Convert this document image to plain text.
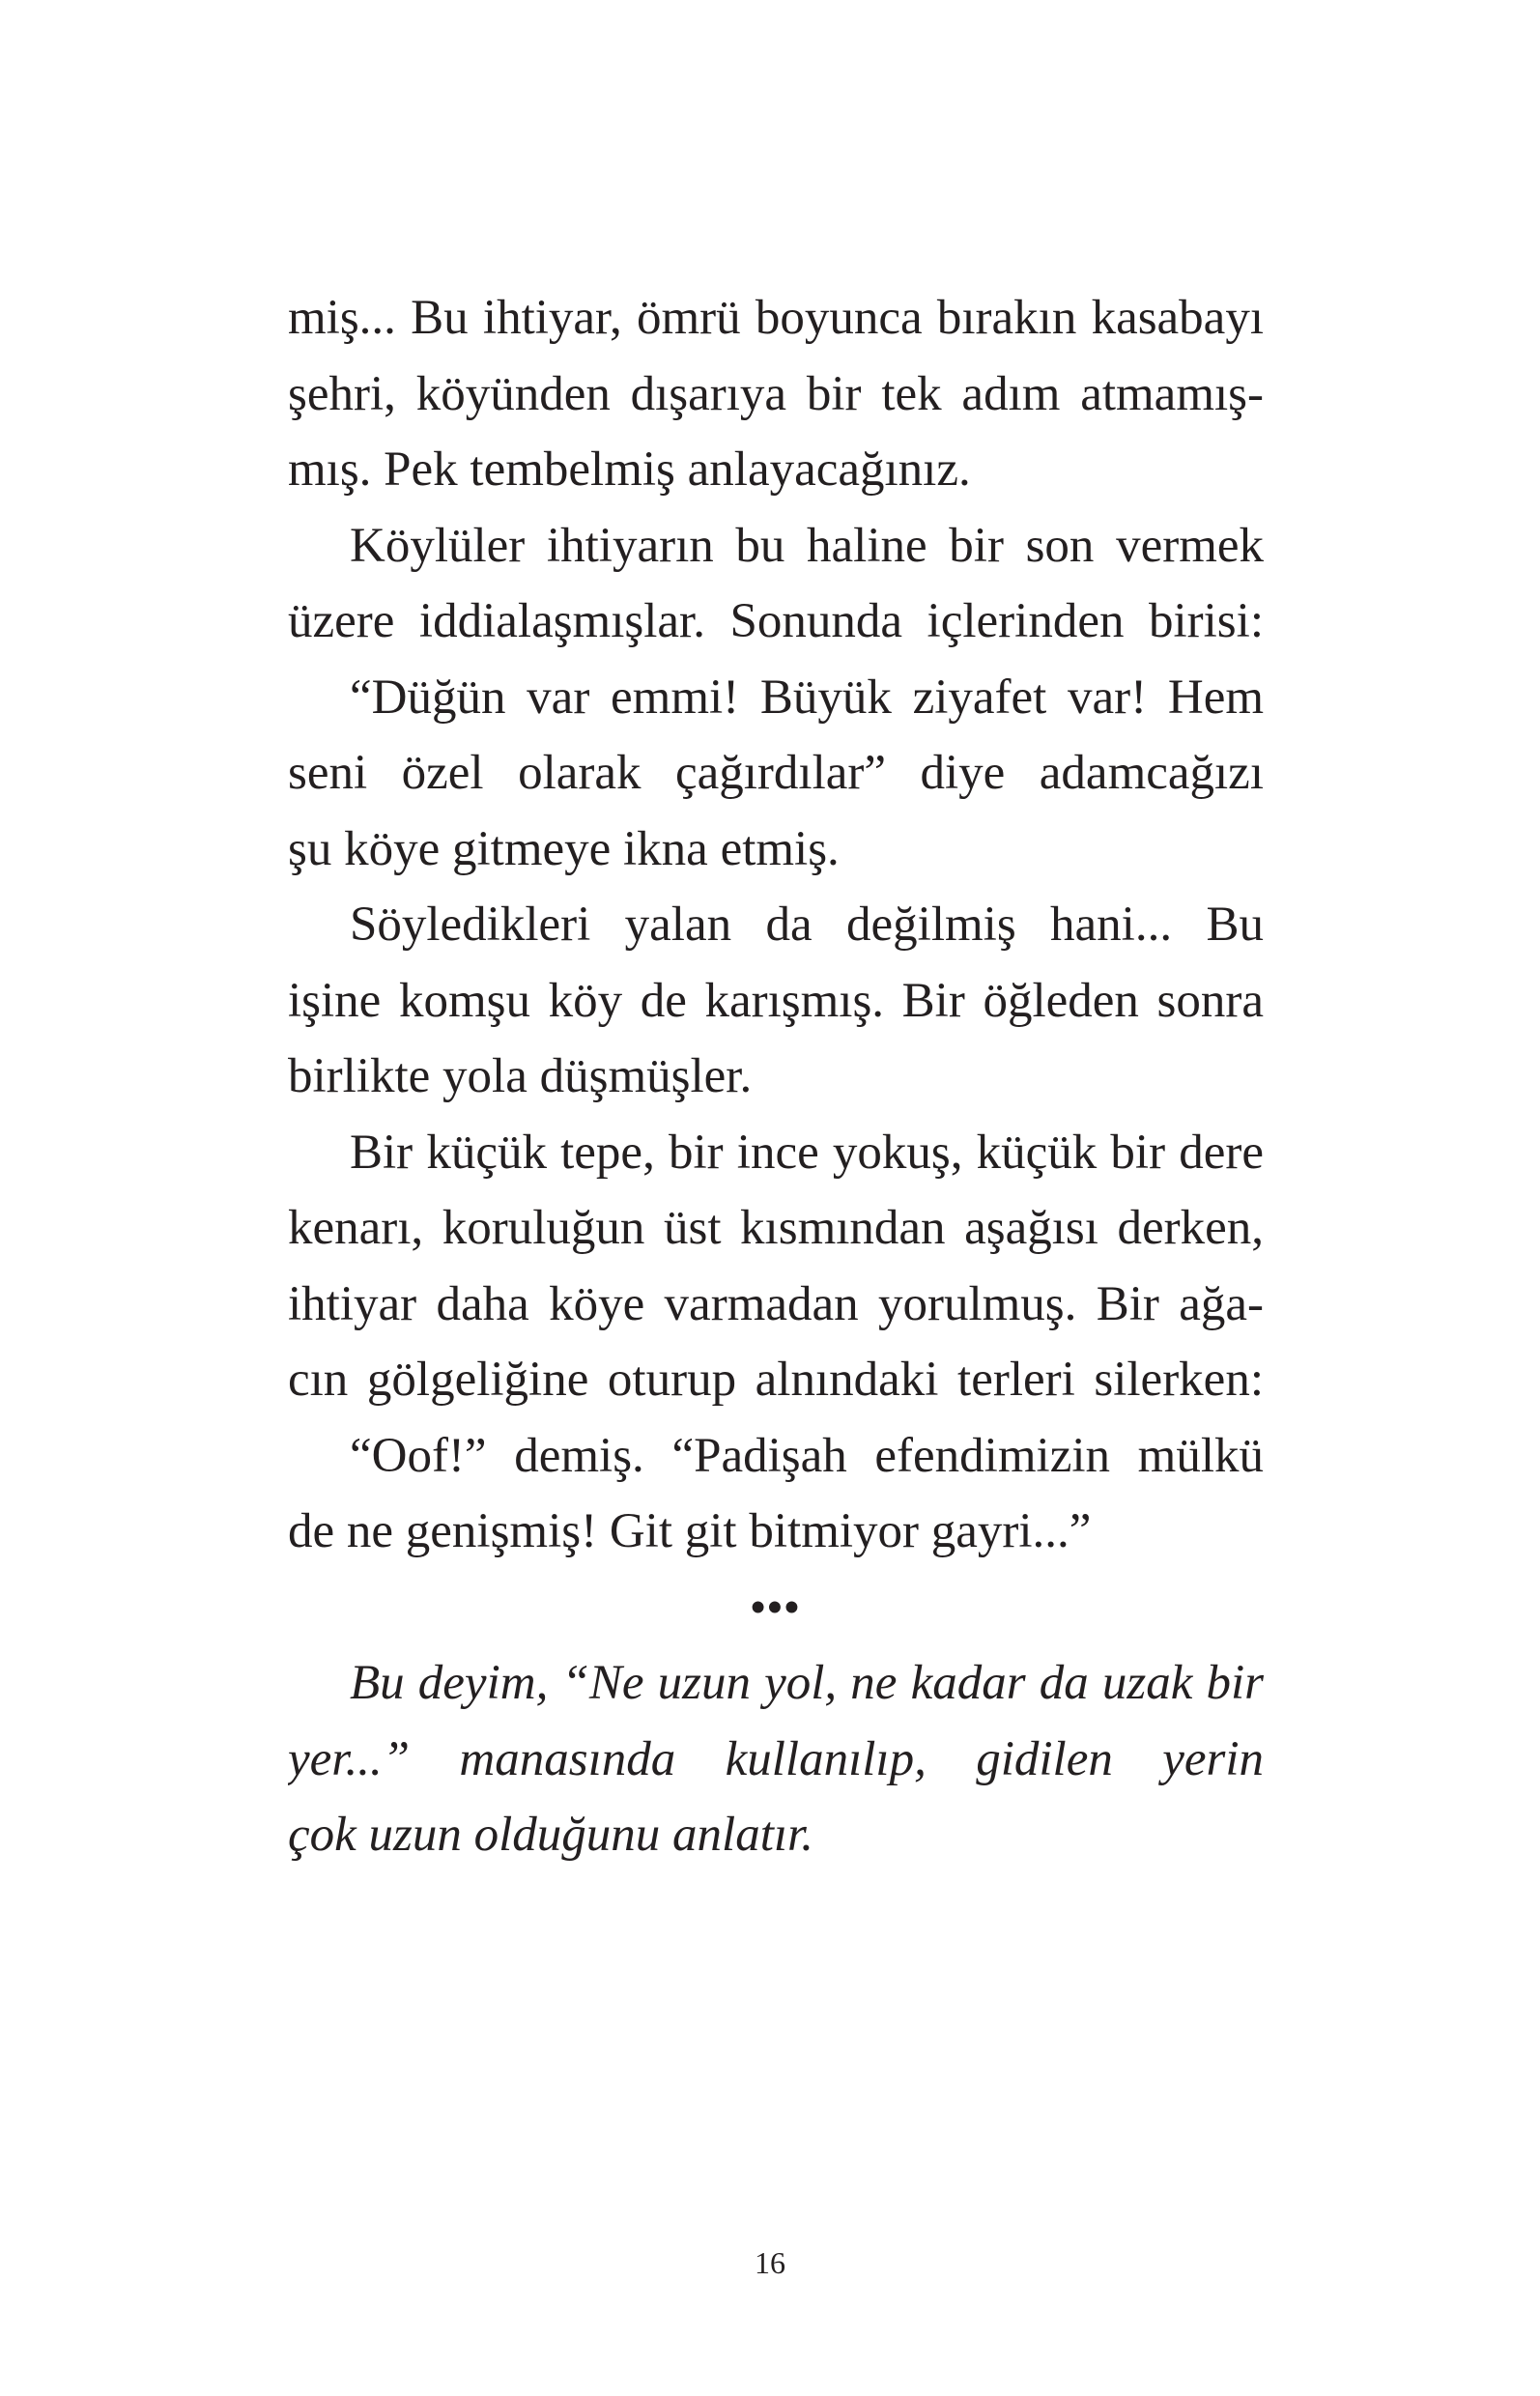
miş... Bu ihtiyar, ömrü boyunca bırakın kasabayı
şehri, köyünden dışarıya bir tek adım atmamış-
mış. Pek tembelmiş anlayacağınız.
Köylüler ihtiyarın bu haline bir son vermek
üzere iddialaşmışlar. Sonunda içlerinden birisi:
“Düğün var emmi! Büyük ziyafet var! Hem
seni özel olarak çağırdılar” diye adamcağızı
şu köye gitmeye ikna etmiş.
Söyledikleri yalan da değilmiş hani... Bu
işine komşu köy de karışmış. Bir öğleden sonra
birlikte yola düşmüşler.
Bir küçük tepe, bir ince yokuş, küçük bir dere
kenarı, koruluğun üst kısmından aşağısı derken,
ihtiyar daha köye varmadan yorulmuş. Bir ağa-
cın gölgeliğine oturup alnındaki terleri silerken:
“Oof!” demiş. “Padişah efendimizin mülkü
de ne genişmiş! Git git bitmiyor gayri...”
•••
Bu deyim, “Ne uzun yol, ne kadar da uzak bir
yer...” manasında kullanılıp, gidilen yerin
çok uzun olduğunu anlatır.
16
